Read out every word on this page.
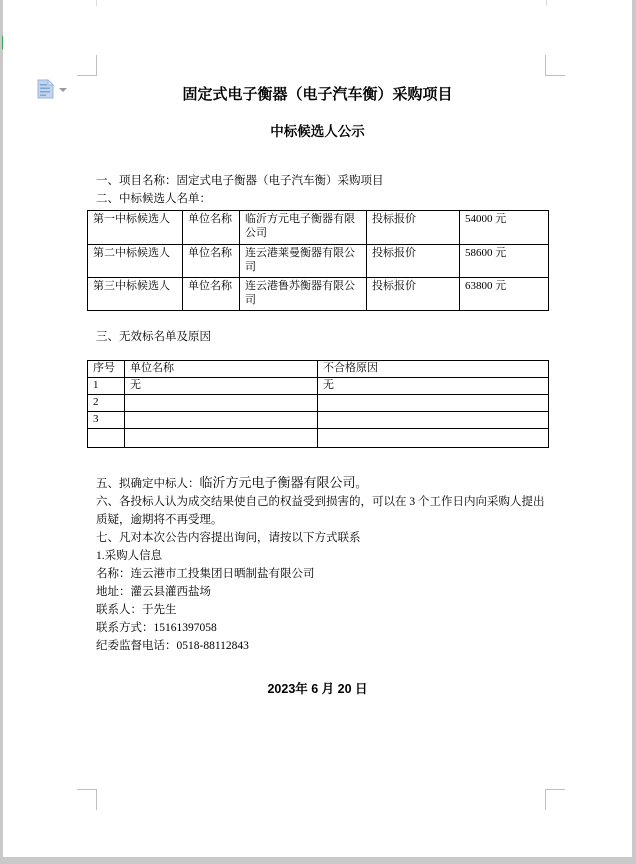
固定式电子衡器（电子汽车衡）采购项目
中标候选人公示
一、项目名称：固定式电子衡器（电子汽车衡）采购项目
二、中标候选人名单：
第一中标候选人	单位名称	临沂方元电子衡器有限公司	投标报价	54000 元
第二中标候选人	单位名称	连云港莱曼衡器有限公司	投标报价	58600 元
第三中标候选人	单位名称	连云港鲁苏衡器有限公司	投标报价	63800 元
三、无效标名单及原因
序号	单位名称	不合格原因
1	无	无
2		
3		

五、拟确定中标人：临沂方元电子衡器有限公司。

六、各投标人认为成交结果使自己的权益受到损害的，可以在 3 个工作日内向采购人提出质疑，逾期将不再受理。

七、凡对本次公告内容提出询问，请按以下方式联系

1.采购人信息

名称：连云港市工投集团日晒制盐有限公司

地址：灌云县灌西盐场

联系人：于先生

联系方式：15161397058

纪委监督电话：0518-88112843

2023年 6 月 20 日
